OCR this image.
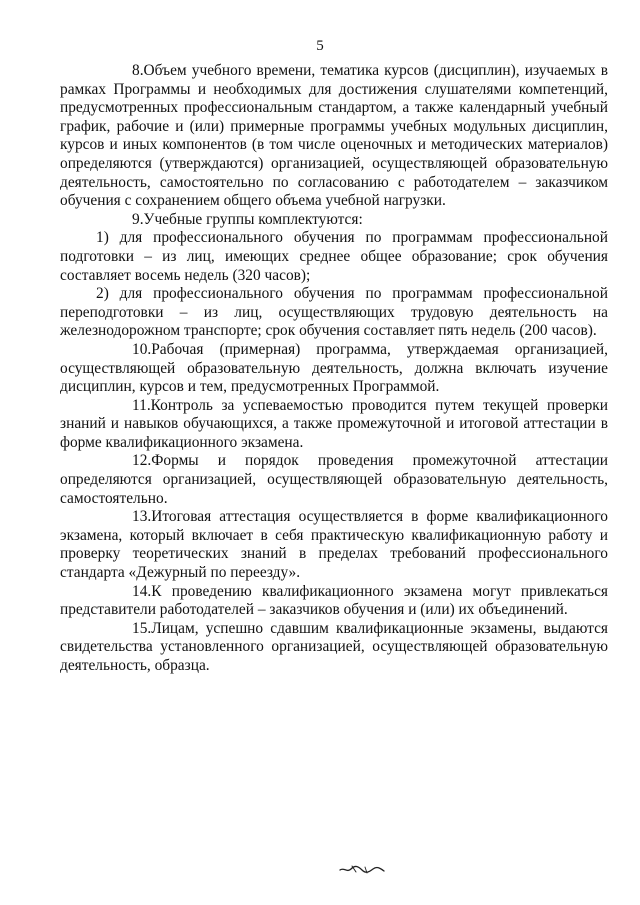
5

8.Объем учебного времени, тематика курсов (дисциплин), изучаемых в рамках Программы и необходимых для достижения слушателями компетенций, предусмотренных профессиональным стандартом, а также календарный учебный график, рабочие и (или) примерные программы учебных модульных дисциплин, курсов и иных компонентов (в том числе оценочных и методических материалов) определяются (утверждаются) организацией, осуществляющей образовательную деятельность, самостоятельно по согласованию с работодателем – заказчиком обучения с сохранением общего объема учебной нагрузки.

9.Учебные группы комплектуются:

1) для профессионального обучения по программам профессиональной подготовки – из лиц, имеющих среднее общее образование; срок обучения составляет восемь недель (320 часов);

2) для профессионального обучения по программам профессиональной переподготовки – из лиц, осуществляющих трудовую деятельность на железнодорожном транспорте; срок обучения составляет пять недель (200 часов).

10.Рабочая (примерная) программа, утверждаемая организацией, осуществляющей образовательную деятельность, должна включать изучение дисциплин, курсов и тем, предусмотренных Программой.

11.Контроль за успеваемостью проводится путем текущей проверки знаний и навыков обучающихся, а также промежуточной и итоговой аттестации в форме квалификационного экзамена.

12.Формы и порядок проведения промежуточной аттестации определяются организацией, осуществляющей образовательную деятельность, самостоятельно.

13.Итоговая аттестация осуществляется в форме квалификационного экзамена, который включает в себя практическую квалификационную работу и проверку теоретических знаний в пределах требований профессионального стандарта «Дежурный по переезду».

14.К проведению квалификационного экзамена могут привлекаться представители работодателей – заказчиков обучения и (или) их объединений.

15.Лицам, успешно сдавшим квалификационные экзамены, выдаются свидетельства установленного организацией, осуществляющей образовательную деятельность, образца.
